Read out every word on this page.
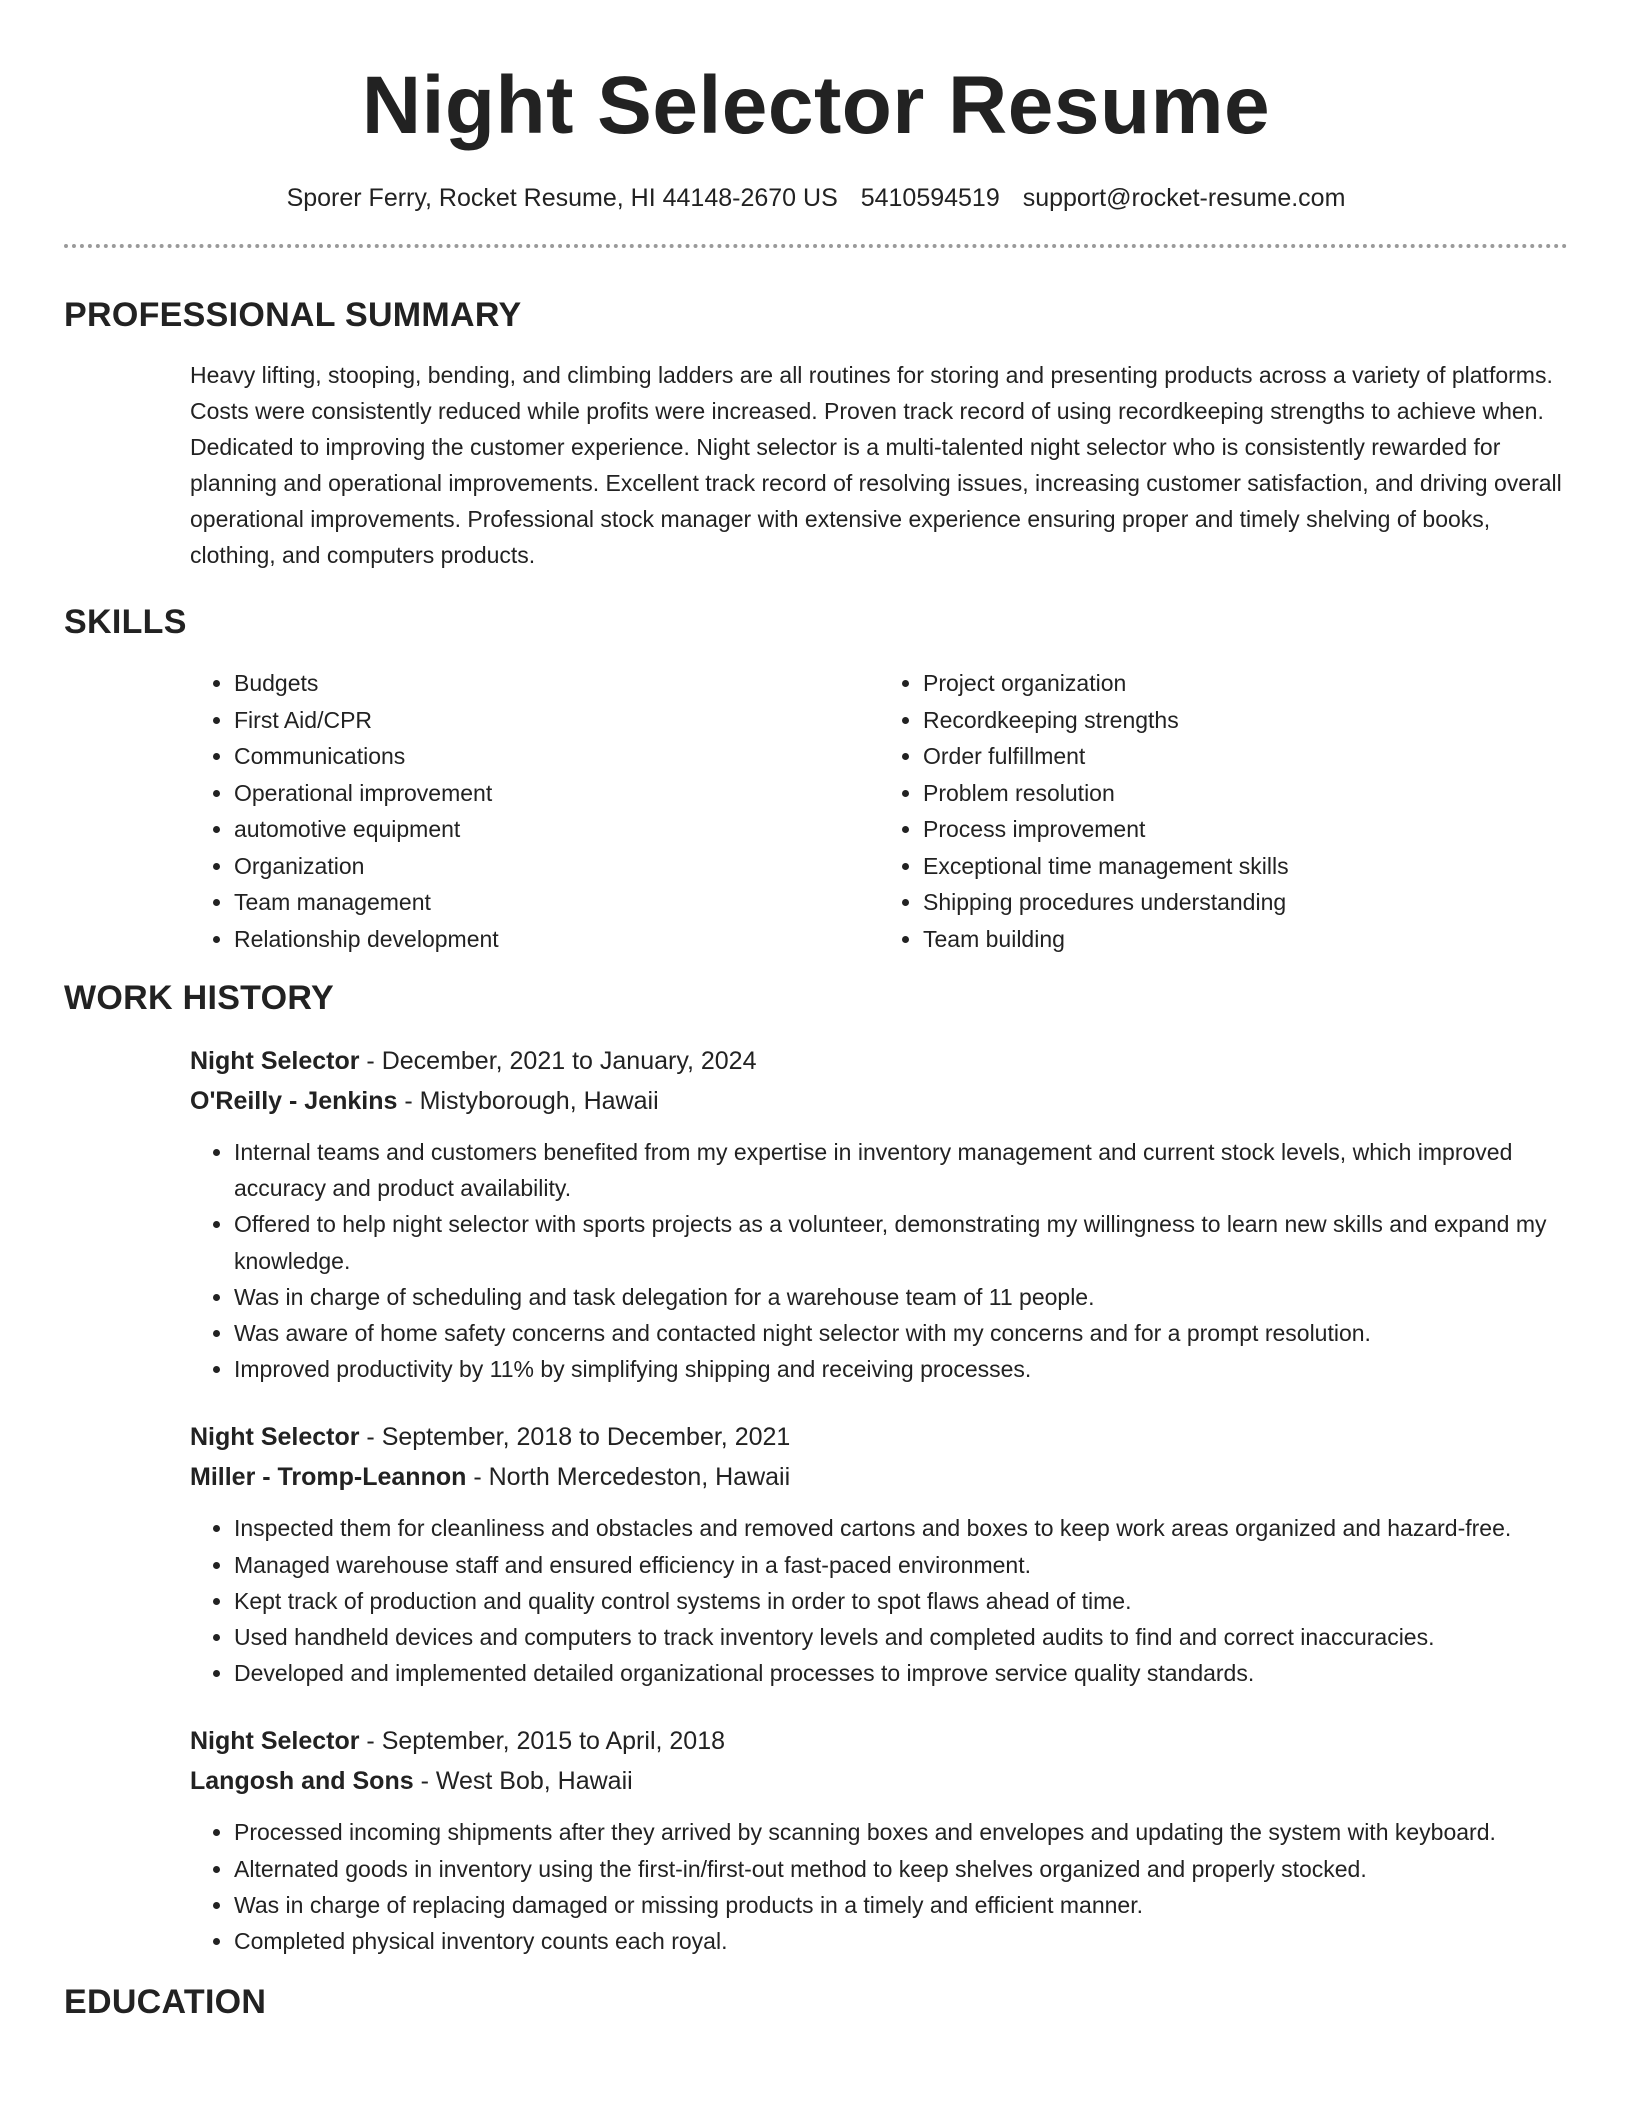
Night Selector Resume
Sporer Ferry, Rocket Resume, HI 44148-2670 US 5410594519 support@rocket-resume.com
PROFESSIONAL SUMMARY

Heavy lifting, stooping, bending, and climbing ladders are all routines for storing and presenting products across a variety of platforms. Costs were consistently reduced while profits were increased. Proven track record of using recordkeeping strengths to achieve when. Dedicated to improving the customer experience. Night selector is a multi-talented night selector who is consistently rewarded for planning and operational improvements. Excellent track record of resolving issues, increasing customer satisfaction, and driving overall operational improvements. Professional stock manager with extensive experience ensuring proper and timely shelving of books, clothing, and computers products.

SKILLS
• Budgets
• First Aid/CPR
• Communications
• Operational improvement
• automotive equipment
• Organization
• Team management
• Relationship development
• Project organization
• Recordkeeping strengths
• Order fulfillment
• Problem resolution
• Process improvement
• Exceptional time management skills
• Shipping procedures understanding
• Team building
WORK HISTORY
Night Selector - December, 2021 to January, 2024
O'Reilly - Jenkins - Mistyborough, Hawaii
• Internal teams and customers benefited from my expertise in inventory management and current stock levels, which improved accuracy and product availability.
• Offered to help night selector with sports projects as a volunteer, demonstrating my willingness to learn new skills and expand my knowledge.
• Was in charge of scheduling and task delegation for a warehouse team of 11 people.
• Was aware of home safety concerns and contacted night selector with my concerns and for a prompt resolution.
• Improved productivity by 11% by simplifying shipping and receiving processes.
Night Selector - September, 2018 to December, 2021
Miller - Tromp-Leannon - North Mercedeston, Hawaii
• Inspected them for cleanliness and obstacles and removed cartons and boxes to keep work areas organized and hazard-free.
• Managed warehouse staff and ensured efficiency in a fast-paced environment.
• Kept track of production and quality control systems in order to spot flaws ahead of time.
• Used handheld devices and computers to track inventory levels and completed audits to find and correct inaccuracies.
• Developed and implemented detailed organizational processes to improve service quality standards.
Night Selector - September, 2015 to April, 2018
Langosh and Sons - West Bob, Hawaii
• Processed incoming shipments after they arrived by scanning boxes and envelopes and updating the system with keyboard.
• Alternated goods in inventory using the first-in/first-out method to keep shelves organized and properly stocked.
• Was in charge of replacing damaged or missing products in a timely and efficient manner.
• Completed physical inventory counts each royal.
EDUCATION
